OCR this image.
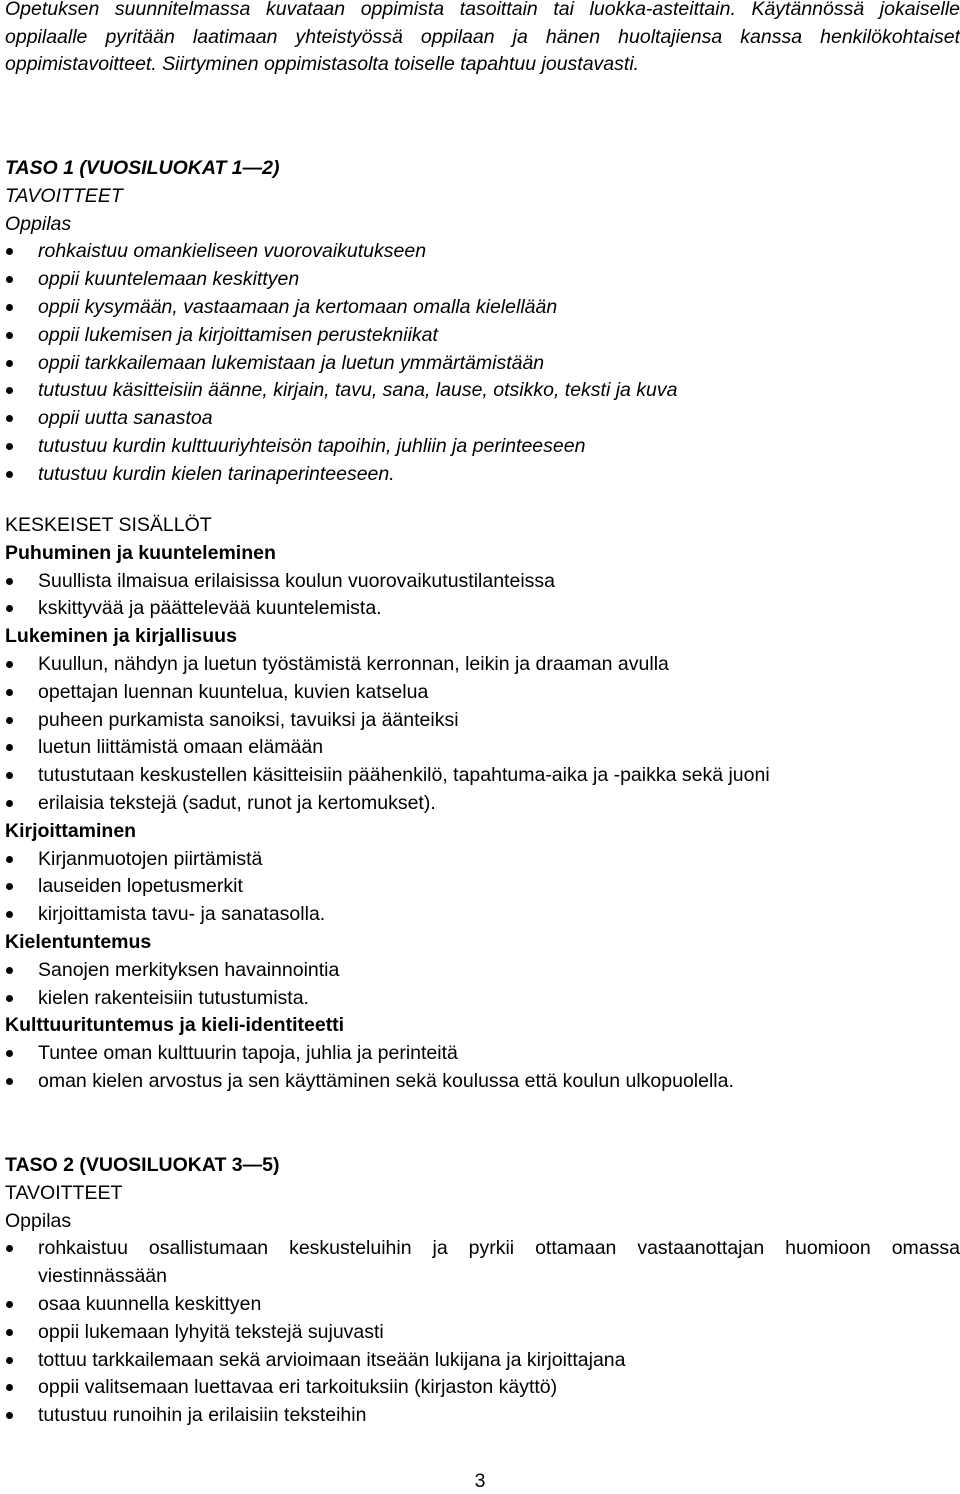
Opetuksen suunnitelmassa kuvataan oppimista tasoittain tai luokka-asteittain. Käytännössä jokaiselle oppilaalle pyritään laatimaan yhteistyössä oppilaan ja hänen huoltajiensa kanssa henkilökohtaiset oppimistavoitteet. Siirtyminen oppimistasolta toiselle tapahtuu joustavasti.

TASO 1 (VUOSILUOKAT 1—2)

TAVOITTEET

Oppilas

rohkaistuu omankieliseen vuorovaikutukseen
oppii kuuntelemaan keskittyen
oppii kysymään, vastaamaan ja kertomaan omalla kielellään
oppii lukemisen ja kirjoittamisen perustekniikat
oppii tarkkailemaan lukemistaan ja luetun ymmärtämistään
tutustuu käsitteisiin äänne, kirjain, tavu, sana, lause, otsikko, teksti ja kuva
oppii uutta sanastoa
tutustuu kurdin kulttuuriyhteisön tapoihin, juhliin ja perinteeseen
tutustuu kurdin kielen tarinaperinteeseen.

KESKEISET SISÄLLÖT

Puhuminen ja kuunteleminen

Suullista ilmaisua erilaisissa koulun vuorovaikutustilanteissa
kskittyvää ja päättelevää kuuntelemista.

Lukeminen ja kirjallisuus

Kuullun, nähdyn ja luetun työstämistä kerronnan, leikin ja draaman avulla
opettajan luennan kuuntelua, kuvien katselua
puheen purkamista sanoiksi, tavuiksi ja äänteiksi
luetun liittämistä omaan elämään
tutustutaan keskustellen käsitteisiin päähenkilö, tapahtuma-aika ja -paikka sekä juoni
erilaisia tekstejä (sadut, runot ja kertomukset).

Kirjoittaminen

Kirjanmuotojen piirtämistä
lauseiden lopetusmerkit
kirjoittamista tavu- ja sanatasolla.

Kielentuntemus

Sanojen merkityksen havainnointia
kielen rakenteisiin tutustumista.

Kulttuurituntemus ja kieli-identiteetti

Tuntee oman kulttuurin tapoja, juhlia ja perinteitä
oman kielen arvostus ja sen käyttäminen sekä koulussa että koulun ulkopuolella.

TASO 2 (VUOSILUOKAT 3—5)

TAVOITTEET

Oppilas

rohkaistuu osallistumaan keskusteluihin ja pyrkii ottamaan vastaanottajan huomioon omassa viestinnässään
osaa kuunnella keskittyen
oppii lukemaan lyhyitä tekstejä sujuvasti
tottuu tarkkailemaan sekä arvioimaan itseään lukijana ja kirjoittajana
oppii valitsemaan luettavaa eri tarkoituksiin (kirjaston käyttö)
tutustuu runoihin ja erilaisiin teksteihin
3
